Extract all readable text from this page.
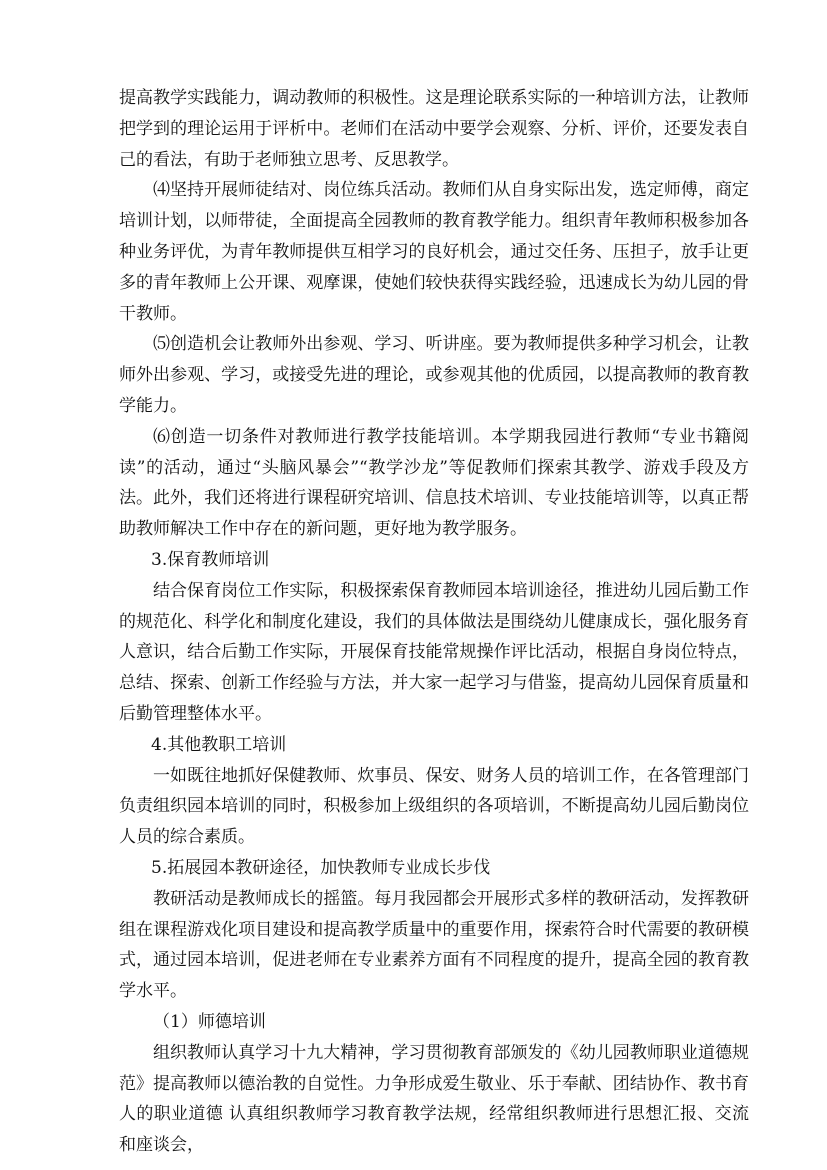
提高教学实践能力，调动教师的积极性。这是理论联系实际的一种培训方法，让教师把学到的理论运用于评析中。老师们在活动中要学会观察、分析、评价，还要发表自己的看法，有助于老师独立思考、反思教学。

⑷坚持开展师徒结对、岗位练兵活动。教师们从自身实际出发，选定师傅，商定培训计划，以师带徒，全面提高全园教师的教育教学能力。组织青年教师积极参加各种业务评优，为青年教师提供互相学习的良好机会，通过交任务、压担子，放手让更多的青年教师上公开课、观摩课，使她们较快获得实践经验，迅速成长为幼儿园的骨干教师。

⑸创造机会让教师外出参观、学习、听讲座。要为教师提供多种学习机会，让教师外出参观、学习，或接受先进的理论，或参观其他的优质园，以提高教师的教育教学能力。

⑹创造一切条件对教师进行教学技能培训。本学期我园进行教师“专业书籍阅读”的活动，通过“头脑风暴会”“教学沙龙”等促教师们探索其教学、游戏手段及方法。此外，我们还将进行课程研究培训、信息技术培训、专业技能培训等，以真正帮助教师解决工作中存在的新问题，更好地为教学服务。

3.保育教师培训

结合保育岗位工作实际，积极探索保育教师园本培训途径，推进幼儿园后勤工作的规范化、科学化和制度化建设，我们的具体做法是围绕幼儿健康成长，强化服务育人意识，结合后勤工作实际，开展保育技能常规操作评比活动，根据自身岗位特点，总结、探索、创新工作经验与方法，并大家一起学习与借鉴，提高幼儿园保育质量和后勤管理整体水平。

4.其他教职工培训

一如既往地抓好保健教师、炊事员、保安、财务人员的培训工作，在各管理部门负责组织园本培训的同时，积极参加上级组织的各项培训，不断提高幼儿园后勤岗位人员的综合素质。

5.拓展园本教研途径，加快教师专业成长步伐

教研活动是教师成长的摇篮。每月我园都会开展形式多样的教研活动，发挥教研组在课程游戏化项目建设和提高教学质量中的重要作用，探索符合时代需要的教研模式，通过园本培训，促进老师在专业素养方面有不同程度的提升，提高全园的教育教学水平。

（1）师德培训

组织教师认真学习十九大精神，学习贯彻教育部颁发的《幼儿园教师职业道德规范》提高教师以德治教的自觉性。力争形成爱生敬业、乐于奉献、团结协作、教书育人的职业道德 认真组织教师学习教育教学法规，经常组织教师进行思想汇报、交流和座谈会，
